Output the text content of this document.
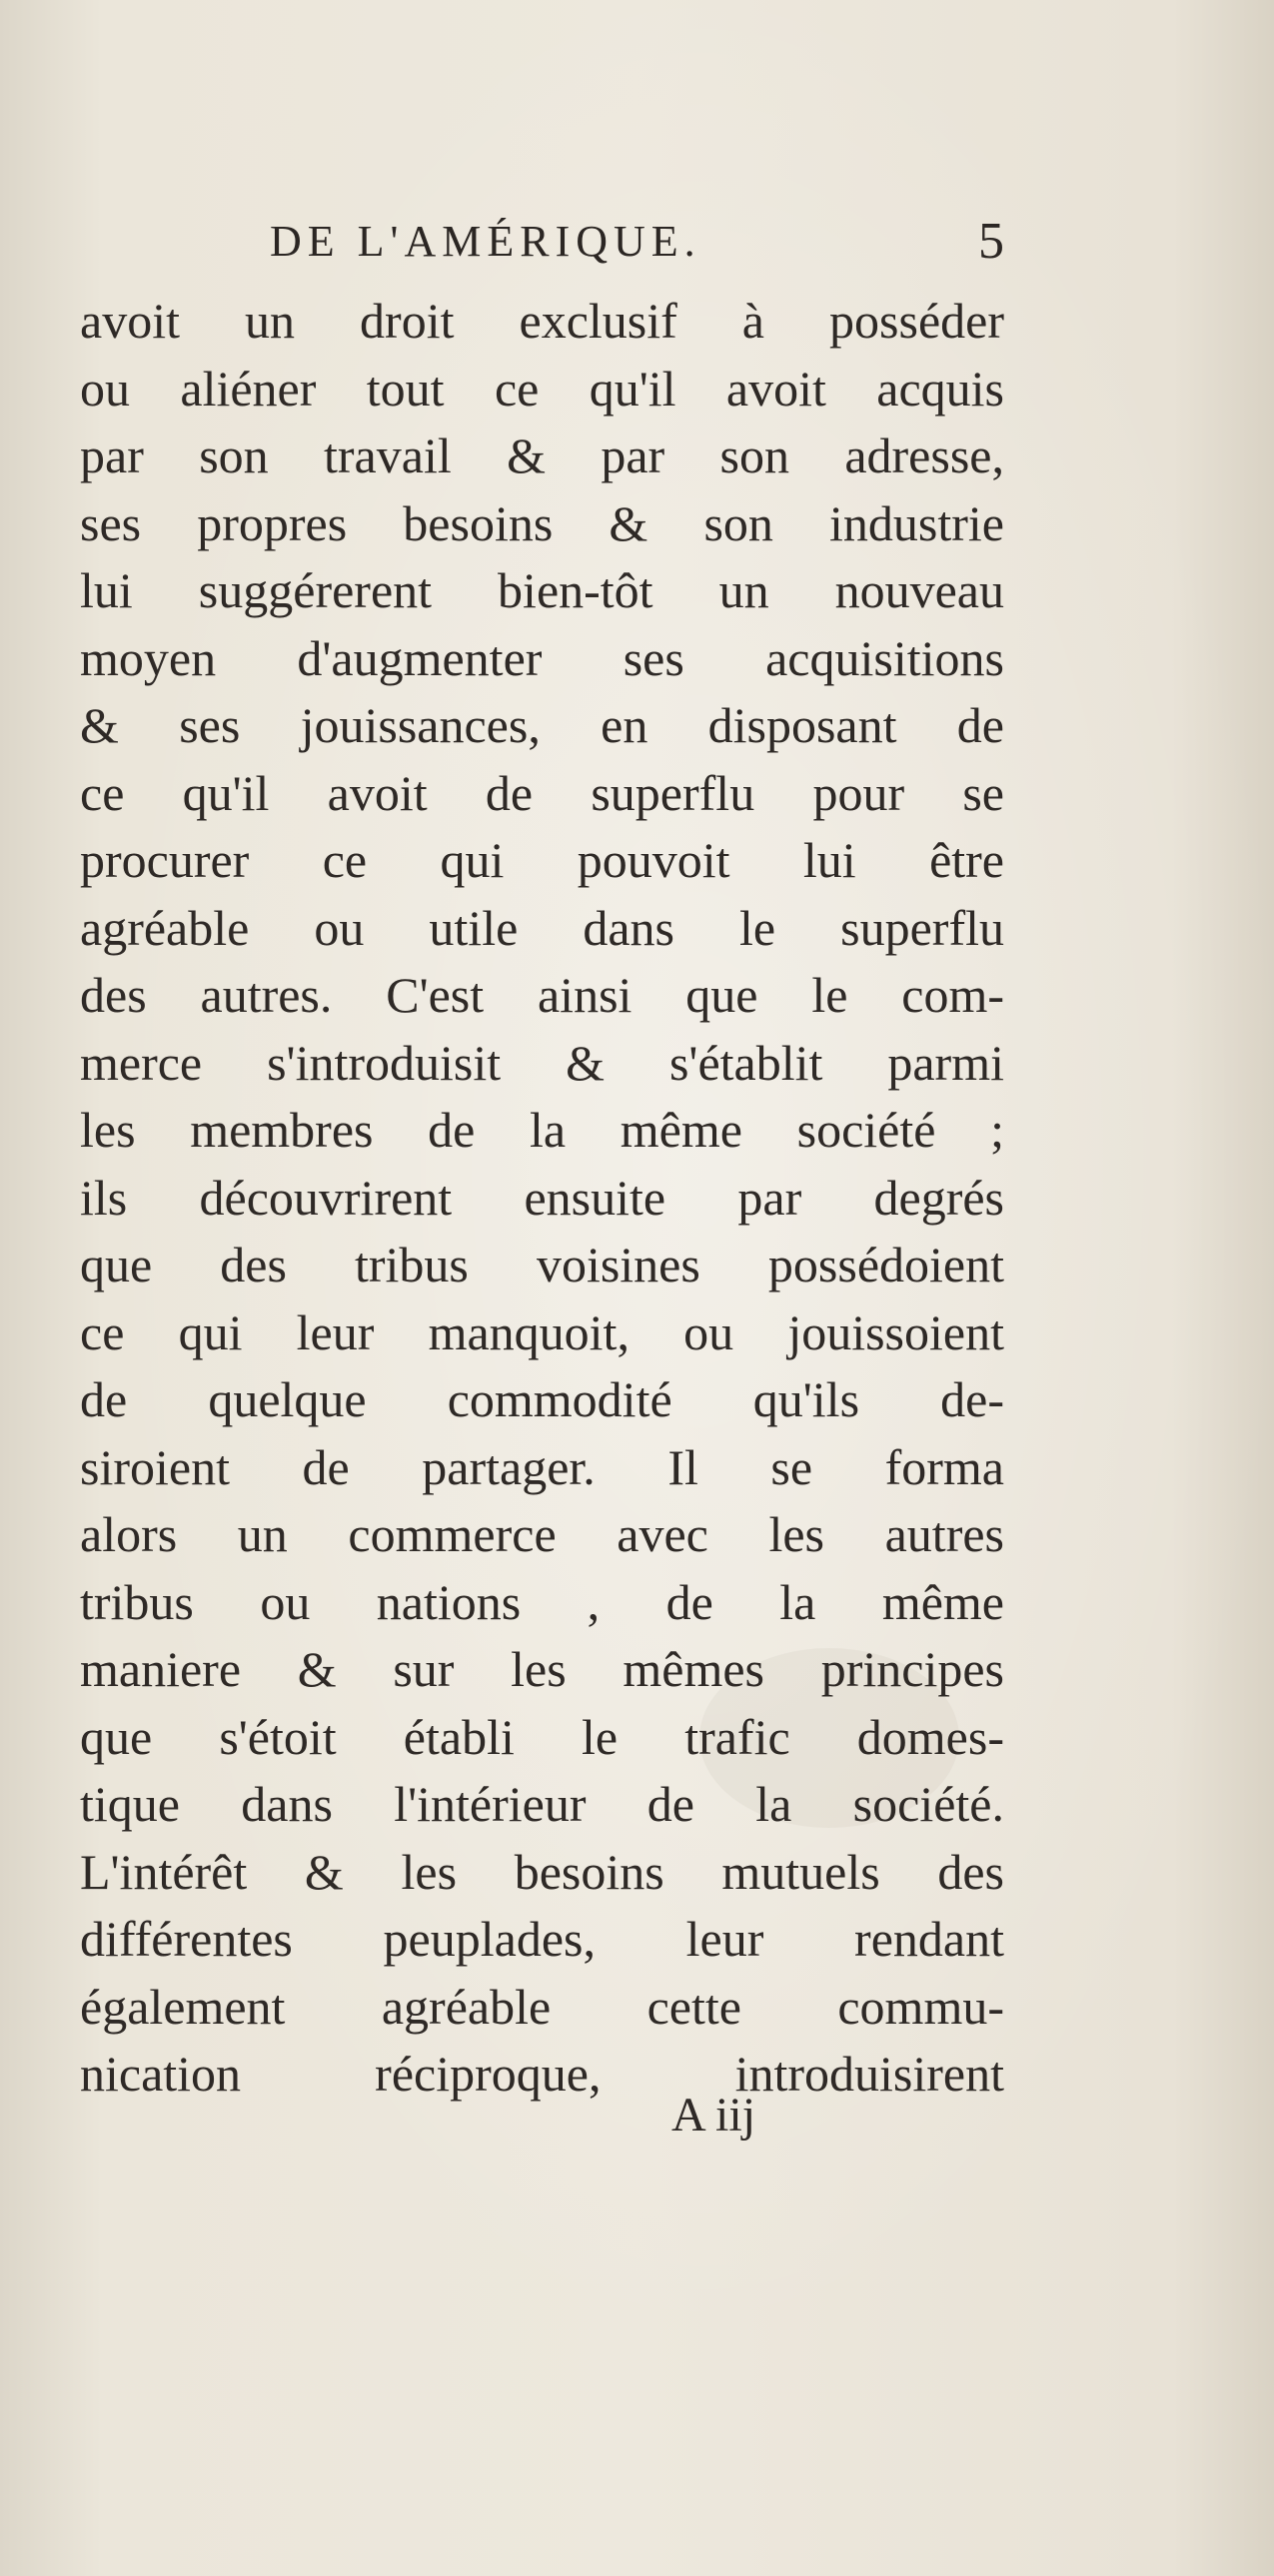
DE L'AMÉRIQUE.	5
avoit un droit exclusif à posséder
ou aliéner tout ce qu'il avoit acquis
par son travail & par son adresse,
ses propres besoins & son industrie
lui suggérerent bien-tôt un nouveau
moyen d'augmenter ses acquisitions
& ses jouissances, en disposant de
ce qu'il avoit de superflu pour se
procurer ce qui pouvoit lui être
agréable ou utile dans le superflu
des autres. C'est ainsi que le com-
merce s'introduisit & s'établit parmi
les membres de la même société ;
ils découvrirent ensuite par degrés
que des tribus voisines possédoient
ce qui leur manquoit, ou jouissoient
de quelque commodité qu'ils de-
siroient de partager. Il se forma
alors un commerce avec les autres
tribus ou nations , de la même
maniere & sur les mêmes principes
que s'étoit établi le trafic domes-
tique dans l'intérieur de la société.
L'intérêt & les besoins mutuels des
différentes peuplades, leur rendant
également agréable cette commu-
nication réciproque, introduisirent
A iij
